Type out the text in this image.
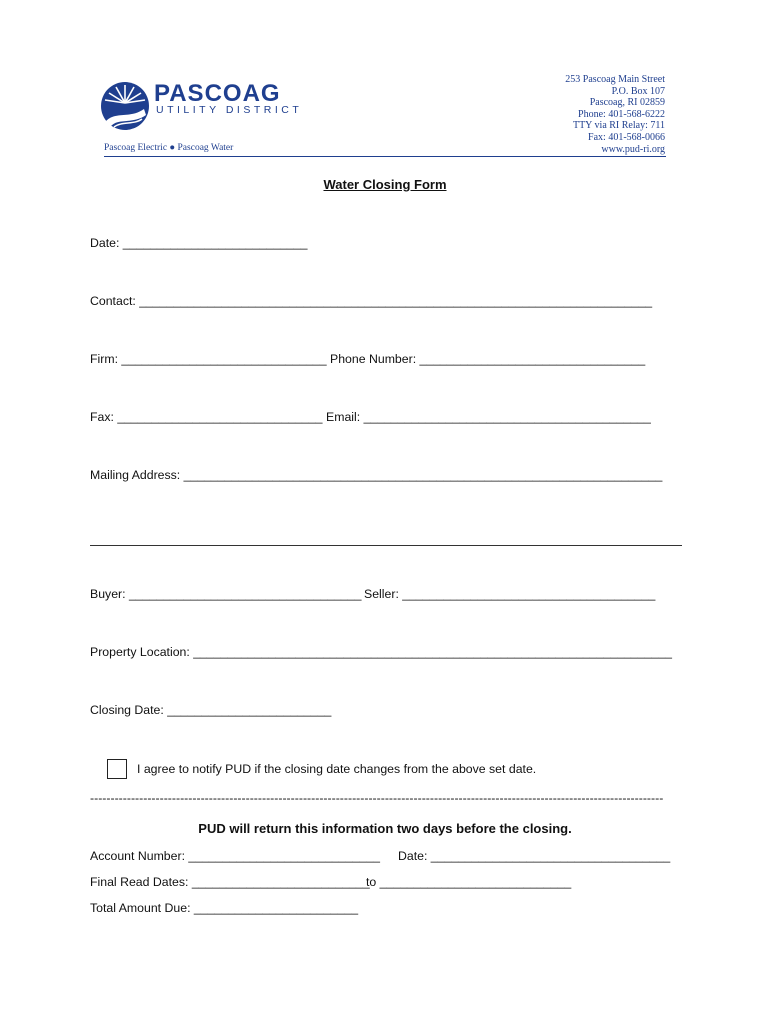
PASCOAG
UTILITY DISTRICT
Pascoag Electric ● Pascoag Water
253 Pascoag Main Street
P.O. Box 107
Pascoag, RI 02859
Phone: 401-568-6222
TTY via RI Relay: 711
Fax: 401-568-0066
www.pud-ri.org
Water Closing Form
Date: ___________________________
Contact: ___________________________________________________________________________
Firm: ______________________________ Phone Number: _________________________________
Fax: ______________________________ Email: __________________________________________
Mailing Address: ______________________________________________________________________
Buyer: __________________________________ Seller: _____________________________________
Property Location: ______________________________________________________________________
Closing Date: ________________________
I agree to notify PUD if the closing date changes from the above set date.
--------------------------------------------------------------------------------------------------------------------------------------------
PUD will return this information two days before the closing.
Account Number: ____________________________ Date: ___________________________________
Final Read Dates: __________________________
to ____________________________
Total Amount Due: ________________________
